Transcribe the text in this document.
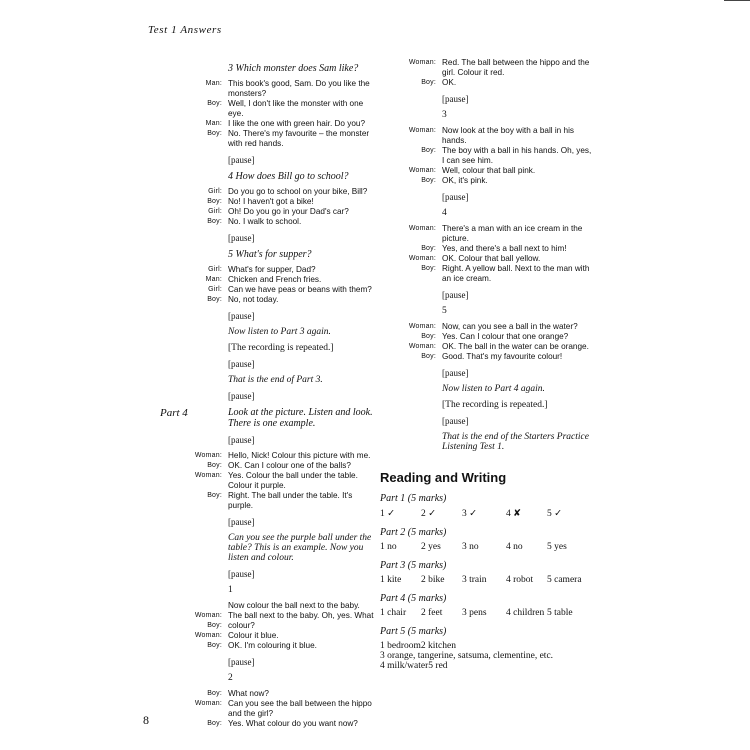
Test 1 Answers
3 Which monster does Sam like?
Man: This book's good, Sam. Do you like the monsters?
Boy: Well, I don't like the monster with one eye.
Man: I like the one with green hair. Do you?
Boy: No. There's my favourite – the monster with red hands.
[pause]
4 How does Bill go to school?
Girl: Do you go to school on your bike, Bill?
Boy: No! I haven't got a bike!
Girl: Oh! Do you go in your Dad's car?
Boy: No. I walk to school.
[pause]
5 What's for supper?
Girl: What's for supper, Dad?
Man: Chicken and French fries.
Girl: Can we have peas or beans with them?
Boy: No, not today.
[pause]
Now listen to Part 3 again.
[The recording is repeated.]
[pause]
That is the end of Part 3.
[pause]
Part 4	Look at the picture. Listen and look. There is one example.
[pause]
Woman: Hello, Nick! Colour this picture with me.
Boy: OK. Can I colour one of the balls?
Woman: Yes. Colour the ball under the table. Colour it purple.
Boy: Right. The ball under the table. It's purple.
[pause]
Can you see the purple ball under the table? This is an example. Now you listen and colour.
[pause]
1
Now colour the ball next to the baby.
Woman: The ball next to the baby. Oh, yes. What
Boy: colour?
Woman: Colour it blue.
Boy: OK. I'm colouring it blue.
[pause]
2
Boy: What now?
Woman: Can you see the ball between the hippo and the girl?
Boy: Yes. What colour do you want now?
Woman: Red. The ball between the hippo and the girl. Colour it red.
Boy: OK.
[pause]
3
Woman: Now look at the boy with a ball in his hands.
Boy: The boy with a ball in his hands. Oh, yes, I can see him.
Woman: Well, colour that ball pink.
Boy: OK, it's pink.
[pause]
4
Woman: There's a man with an ice cream in the picture.
Boy: Yes, and there's a ball next to him!
Woman: OK. Colour that ball yellow.
Boy: Right. A yellow ball. Next to the man with an ice cream.
[pause]
5
Woman: Now, can you see a ball in the water?
Boy: Yes. Can I colour that one orange?
Woman: OK. The ball in the water can be orange.
Boy: Good. That's my favourite colour!
[pause]
Now listen to Part 4 again.
[The recording is repeated.]
[pause]
That is the end of the Starters Practice Listening Test 1.
Reading and Writing
Part 1 (5 marks)
1 ✓	2 ✓	3 ✓	4 ✘	5 ✓
Part 2 (5 marks)
1 no	2 yes	3 no	4 no	5 yes
Part 3 (5 marks)
1 kite	2 bike	3 train	4 robot	5 camera
Part 4 (5 marks)
1 chair	2 feet	3 pens	4 children 5 table
Part 5 (5 marks)
1 bedroom 2 kitchen
3 orange, tangerine, satsuma, clementine, etc.
4 milk/water 5 red
8
